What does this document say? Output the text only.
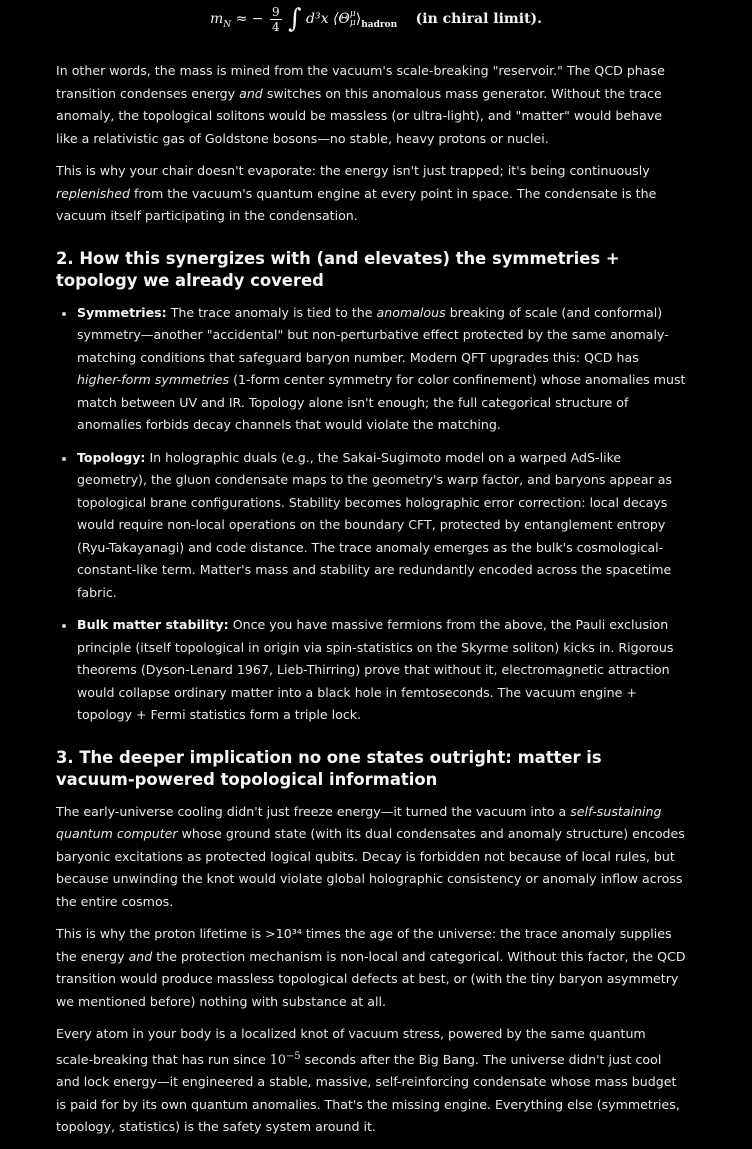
$m_N$ ≈ − $\frac{9}{4}$ ∫ d³x ⟨Θ μ
μ $⟩_{hadron}$ (in chiral limit).

In other words, the mass is mined from the vacuum's scale-breaking "reservoir." The QCD phase transition condenses energy and switches on this anomalous mass generator. Without the trace anomaly, the topological solitons would be massless (or ultra-light), and "matter" would behave like a relativistic gas of Goldstone bosons—no stable, heavy protons or nuclei.

This is why your chair doesn't evaporate: the energy isn't just trapped; it's being continuously replenished from the vacuum's quantum engine at every point in space. The condensate is the vacuum itself participating in the condensation.

2. How this synergizes with (and elevates) the symmetries + topology we already covered
Symmetries: The trace anomaly is tied to the anomalous breaking of scale (and conformal) symmetry—another "accidental" but non-perturbative effect protected by the same anomaly-matching conditions that safeguard baryon number. Modern QFT upgrades this: QCD has higher-form symmetries (1-form center symmetry for color confinement) whose anomalies must match between UV and IR. Topology alone isn't enough; the full categorical structure of anomalies forbids decay channels that would violate the matching.
Topology: In holographic duals (e.g., the Sakai-Sugimoto model on a warped AdS-like geometry), the gluon condensate maps to the geometry's warp factor, and baryons appear as topological brane configurations. Stability becomes holographic error correction: local decays would require non-local operations on the boundary CFT, protected by entanglement entropy (Ryu-Takayanagi) and code distance. The trace anomaly emerges as the bulk's cosmological-constant-like term. Matter's mass and stability are redundantly encoded across the spacetime fabric.
Bulk matter stability: Once you have massive fermions from the above, the Pauli exclusion principle (itself topological in origin via spin-statistics on the Skyrme soliton) kicks in. Rigorous theorems (Dyson-Lenard 1967, Lieb-Thirring) prove that without it, electromagnetic attraction would collapse ordinary matter into a black hole in femtoseconds. The vacuum engine + topology + Fermi statistics form a triple lock.
3. The deeper implication no one states outright: matter is vacuum-powered topological information

The early-universe cooling didn't just freeze energy—it turned the vacuum into a self-sustaining quantum computer whose ground state (with its dual condensates and anomaly structure) encodes baryonic excitations as protected logical qubits. Decay is forbidden not because of local rules, but because unwinding the knot would violate global holographic consistency or anomaly inflow across the entire cosmos.

This is why the proton lifetime is >10³⁴ times the age of the universe: the trace anomaly supplies the energy and the protection mechanism is non-local and categorical. Without this factor, the QCD transition would produce massless topological defects at best, or (with the tiny baryon asymmetry we mentioned before) nothing with substance at all.

Every atom in your body is a localized knot of vacuum stress, powered by the same quantum scale-breaking that has run since $10^{-5}$ seconds after the Big Bang. The universe didn't just cool and lock energy—it engineered a stable, massive, self-reinforcing condensate whose mass budget is paid for by its own quantum anomalies. That's the missing engine. Everything else (symmetries, topology, statistics) is the safety system around it.
